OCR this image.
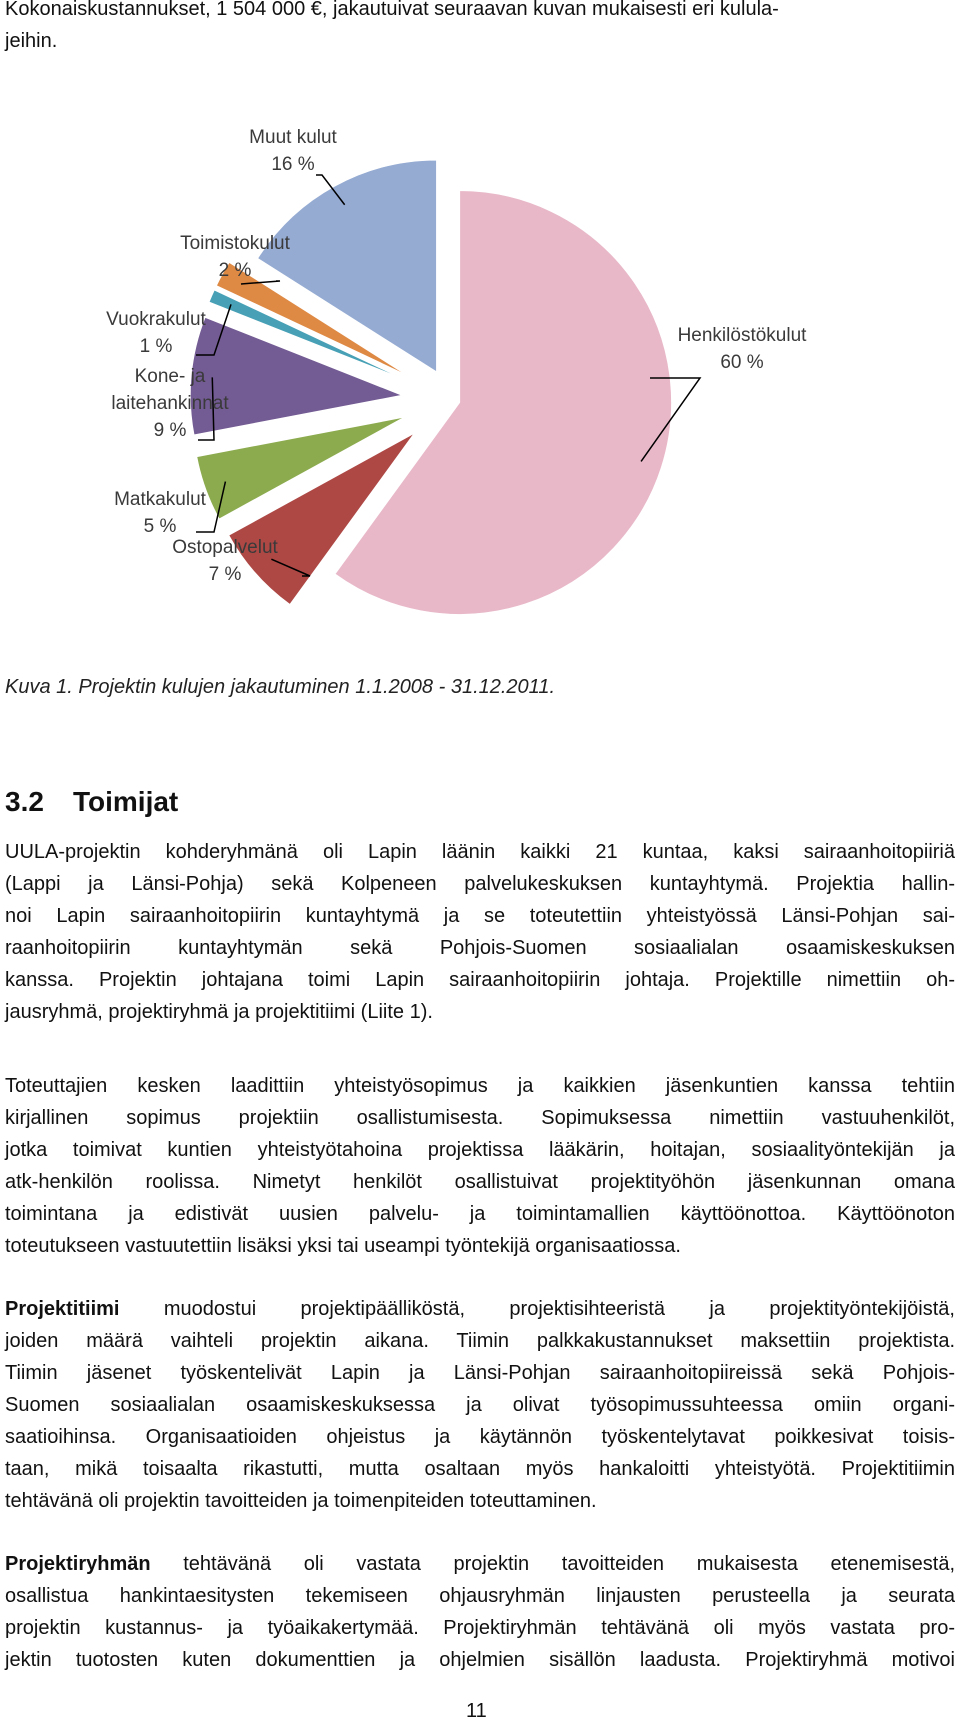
Kokonaiskustannukset, 1 504 000 €, jakautuivat seuraavan kuvan mukaisesti eri kulula-
jeihin.
Henkilöstökulut
60 %
Ostopalvelut
7 %
Matkakulut
5 %
Kone- ja
laitehankinnat
9 %
Vuokrakulut
1 %
Toimistokulut
2 %
Muut kulut
16 %
Kuva 1. Projektin kulujen jakautuminen 1.1.2008 - 31.12.2011.
3.2 Toimijat
UULA-projektin kohderyhmänä oli Lapin läänin kaikki 21 kuntaa, kaksi sairaanhoitopiiriä
(Lappi ja Länsi-Pohja) sekä Kolpeneen palvelukeskuksen kuntayhtymä. Projektia hallin-
noi Lapin sairaanhoitopiirin kuntayhtymä ja se toteutettiin yhteistyössä Länsi-Pohjan sai-
raanhoitopiirin kuntayhtymän sekä Pohjois-Suomen sosiaalialan osaamiskeskuksen
kanssa. Projektin johtajana toimi Lapin sairaanhoitopiirin johtaja. Projektille nimettiin oh-
jausryhmä, projektiryhmä ja projektitiimi (Liite 1).
Toteuttajien kesken laadittiin yhteistyösopimus ja kaikkien jäsenkuntien kanssa tehtiin
kirjallinen sopimus projektiin osallistumisesta. Sopimuksessa nimettiin vastuuhenkilöt,
jotka toimivat kuntien yhteistyötahoina projektissa lääkärin, hoitajan, sosiaalityöntekijän ja
atk-henkilön roolissa. Nimetyt henkilöt osallistuivat projektityöhön jäsenkunnan omana
toimintana ja edistivät uusien palvelu- ja toimintamallien käyttöönottoa. Käyttöönoton
toteutukseen vastuutettiin lisäksi yksi tai useampi työntekijä organisaatiossa.
Projektitiimi muodostui projektipäälliköstä, projektisihteeristä ja projektityöntekijöistä,
joiden määrä vaihteli projektin aikana. Tiimin palkkakustannukset maksettiin projektista.
Tiimin jäsenet työskentelivät Lapin ja Länsi-Pohjan sairaanhoitopiireissä sekä Pohjois-
Suomen sosiaalialan osaamiskeskuksessa ja olivat työsopimussuhteessa omiin organi-
saatioihinsa. Organisaatioiden ohjeistus ja käytännön työskentelytavat poikkesivat toisis-
taan, mikä toisaalta rikastutti, mutta osaltaan myös hankaloitti yhteistyötä. Projektitiimin
tehtävänä oli projektin tavoitteiden ja toimenpiteiden toteuttaminen.
Projektiryhmän tehtävänä oli vastata projektin tavoitteiden mukaisesta etenemisestä,
osallistua hankintaesitysten tekemiseen ohjausryhmän linjausten perusteella ja seurata
projektin kustannus- ja työaikakertymää. Projektiryhmän tehtävänä oli myös vastata pro-
jektin tuotosten kuten dokumenttien ja ohjelmien sisällön laadusta. Projektiryhmä motivoi
11
